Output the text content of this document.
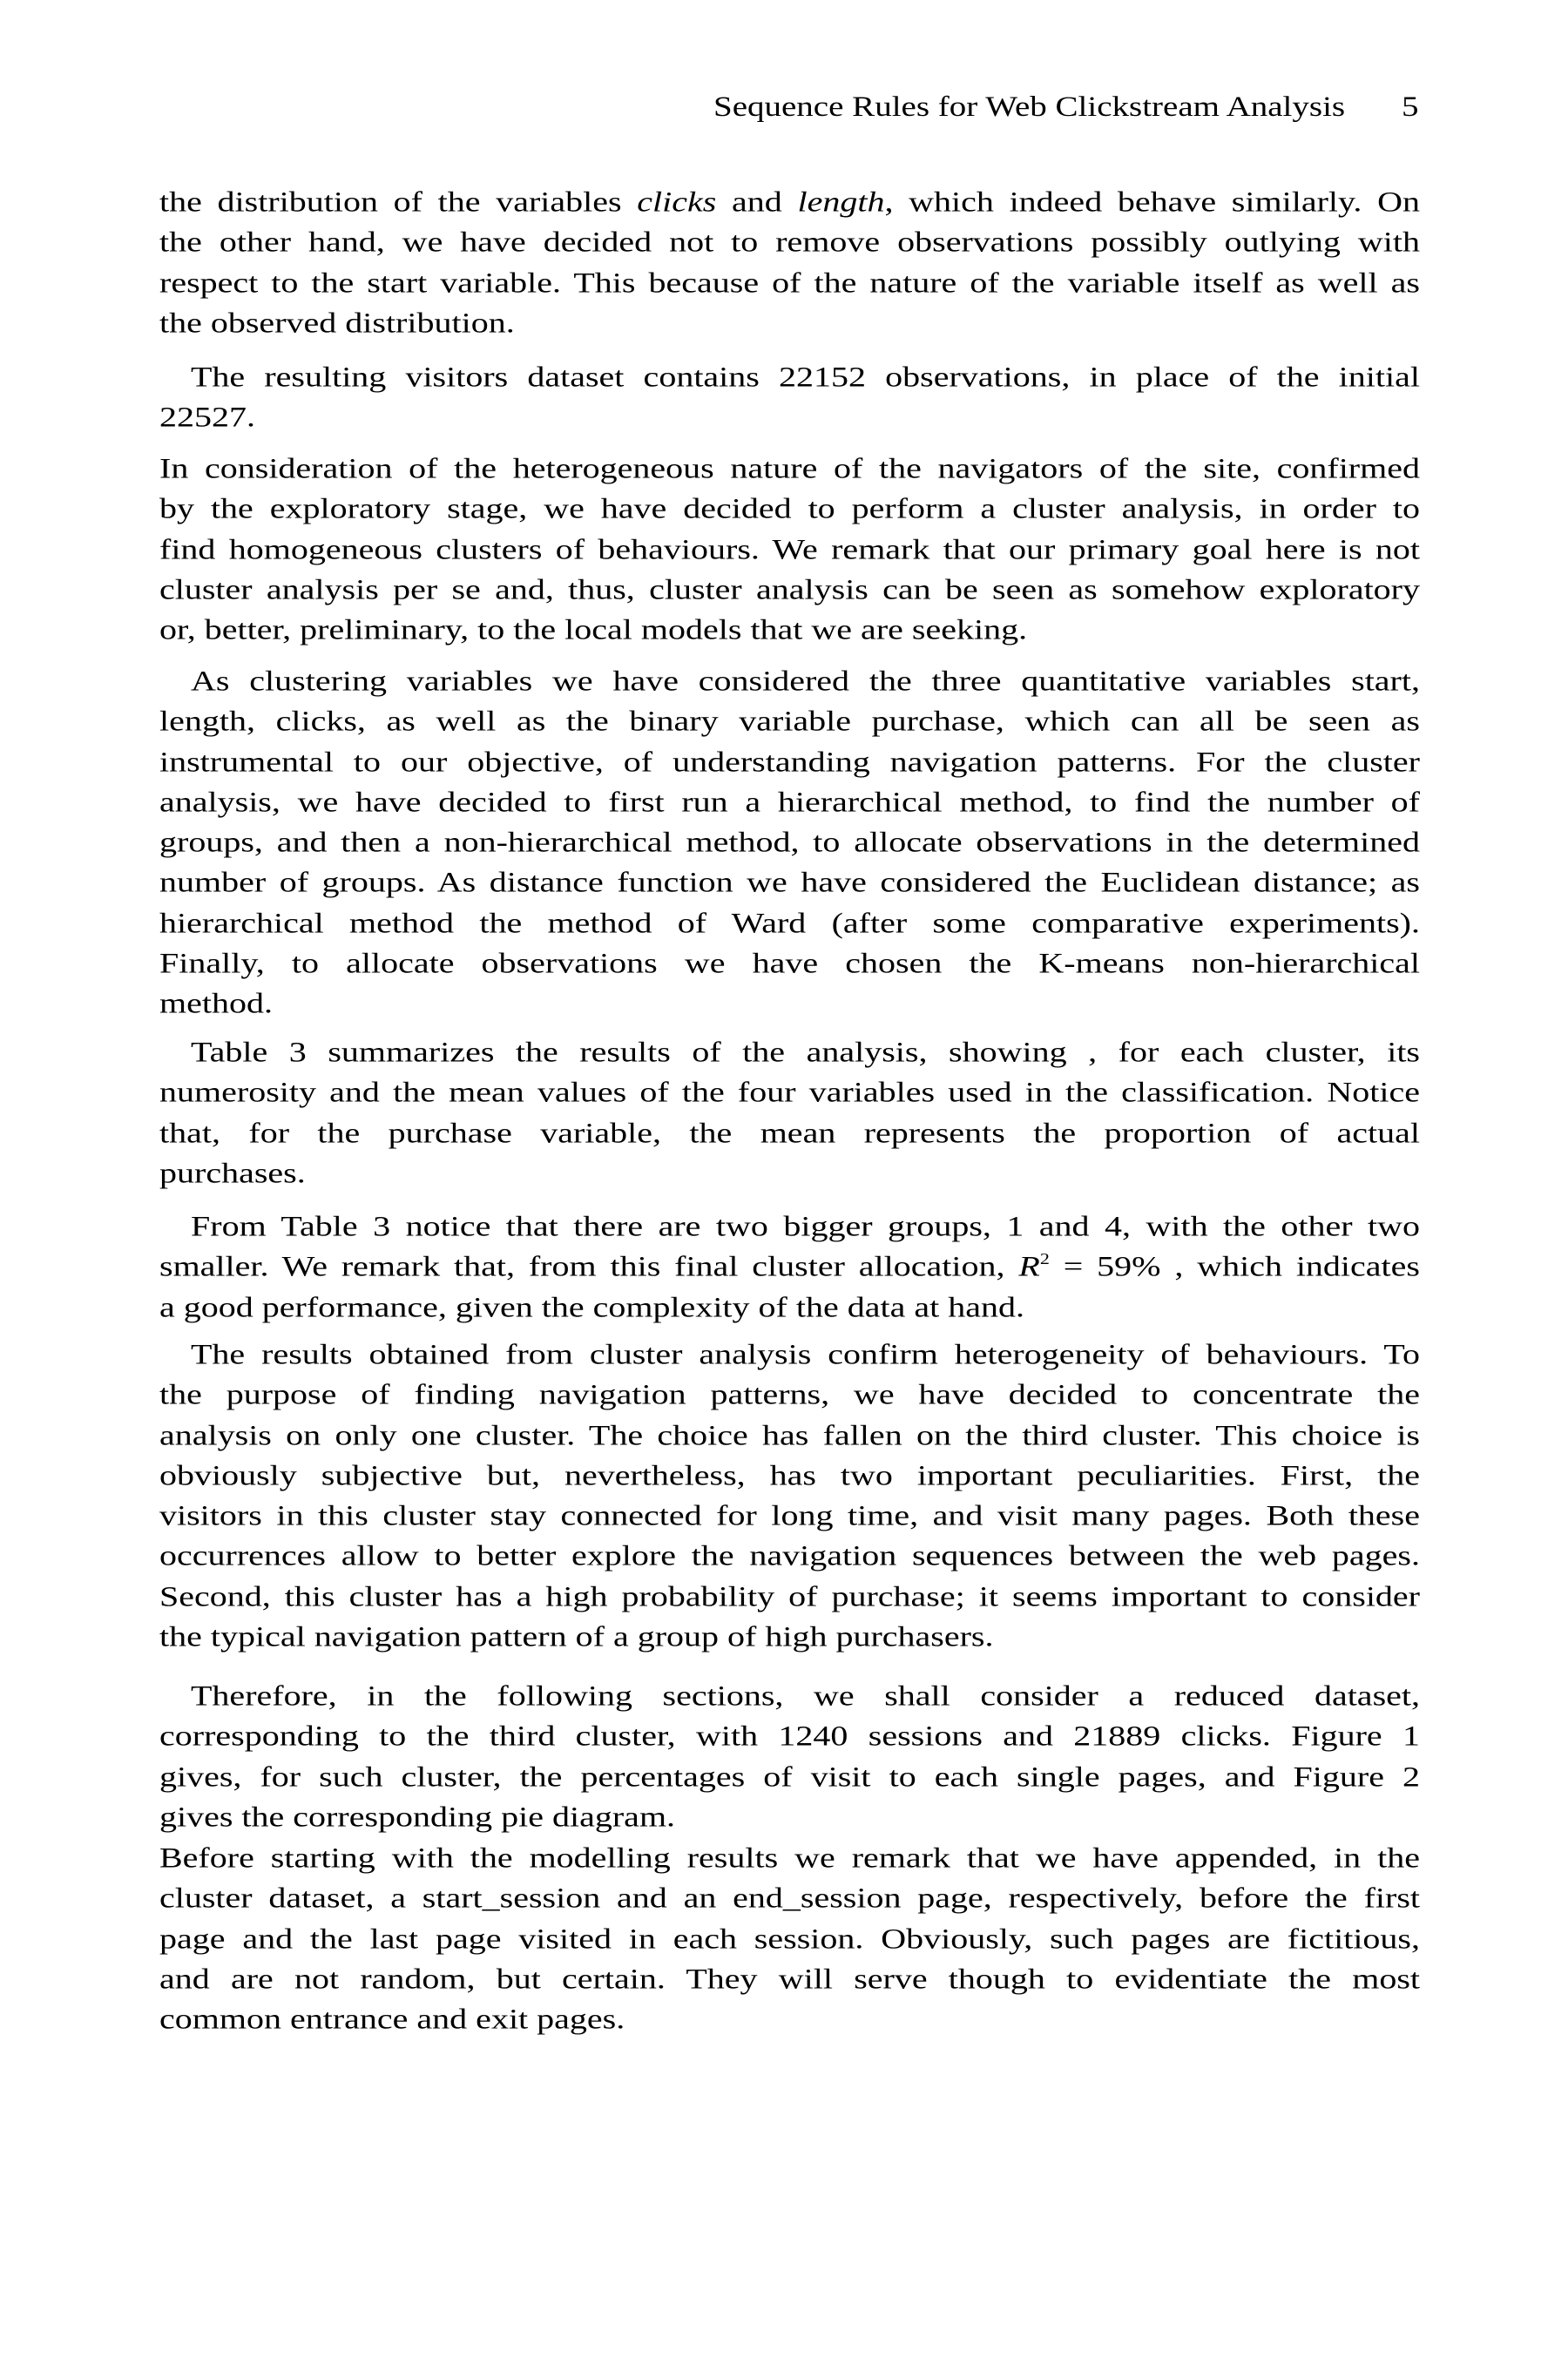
Sequence Rules for Web Clickstream Analysis 5
the distribution of the variables clicks and length, which indeed behave similarly. On
the other hand, we have decided not to remove observations possibly outlying with
respect to the start variable. This because of the nature of the variable itself as well as
the observed distribution.
The resulting visitors dataset contains 22152 observations, in place of the initial
22527.
In consideration of the heterogeneous nature of the navigators of the site, confirmed
by the exploratory stage, we have decided to perform a cluster analysis, in order to
find homogeneous clusters of behaviours. We remark that our primary goal here is not
cluster analysis per se and, thus, cluster analysis can be seen as somehow exploratory
or, better, preliminary, to the local models that we are seeking.
As clustering variables we have considered the three quantitative variables start,
length, clicks, as well as the binary variable purchase, which can all be seen as
instrumental to our objective, of understanding navigation patterns. For the cluster
analysis, we have decided to first run a hierarchical method, to find the number of
groups, and then a non-hierarchical method, to allocate observations in the determined
number of groups. As distance function we have considered the Euclidean distance; as
hierarchical method the method of Ward (after some comparative experiments).
Finally, to allocate observations we have chosen the K-means non-hierarchical
method.
Table 3 summarizes the results of the analysis, showing , for each cluster, its
numerosity and the mean values of the four variables used in the classification. Notice
that, for the purchase variable, the mean represents the proportion of actual
purchases.
From Table 3 notice that there are two bigger groups, 1 and 4, with the other two
smaller. We remark that, from this final cluster allocation, $R^2 = 59\%$ , which indicates
a good performance, given the complexity of the data at hand.
The results obtained from cluster analysis confirm heterogeneity of behaviours. To
the purpose of finding navigation patterns, we have decided to concentrate the
analysis on only one cluster. The choice has fallen on the third cluster. This choice is
obviously subjective but, nevertheless, has two important peculiarities. First, the
visitors in this cluster stay connected for long time, and visit many pages. Both these
occurrences allow to better explore the navigation sequences between the web pages.
Second, this cluster has a high probability of purchase; it seems important to consider
the typical navigation pattern of a group of high purchasers.
Therefore, in the following sections, we shall consider a reduced dataset,
corresponding to the third cluster, with 1240 sessions and 21889 clicks. Figure 1
gives, for such cluster, the percentages of visit to each single pages, and Figure 2
gives the corresponding pie diagram.
Before starting with the modelling results we remark that we have appended, in the
cluster dataset, a start_session and an end_session page, respectively, before the first
page and the last page visited in each session. Obviously, such pages are fictitious,
and are not random, but certain. They will serve though to evidentiate the most
common entrance and exit pages.
